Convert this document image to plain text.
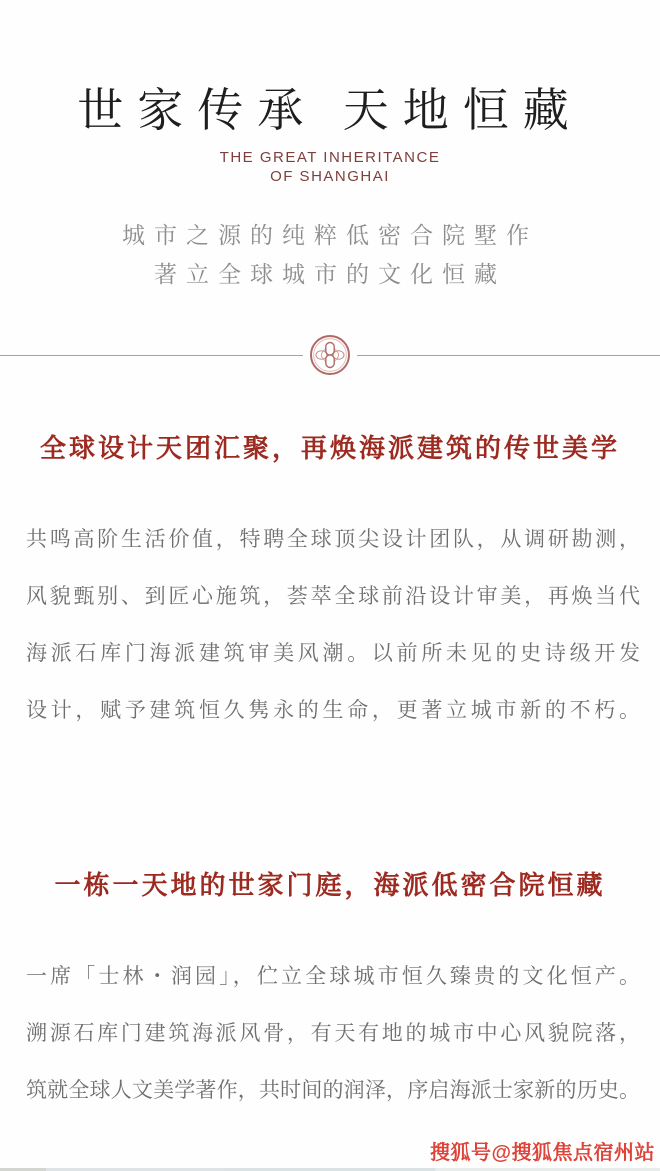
世家传承 天地恒藏
THE GREAT INHERITANCE
OF SHANGHAI
城市之源的纯粹低密合院墅作
著立全球城市的文化恒藏
全球设计天团汇聚，再焕海派建筑的传世美学
共鸣高阶生活价值，特聘全球顶尖设计团队，从调研勘测，
风貌甄别、到匠心施筑，荟萃全球前沿设计审美，再焕当代
海派石库门海派建筑审美风潮。以前所未见的史诗级开发
设计，赋予建筑恒久隽永的生命，更著立城市新的不朽。
一栋一天地的世家门庭，海派低密合院恒藏
一席「士林・润园」，伫立全球城市恒久臻贵的文化恒产。
溯源石库门建筑海派风骨，有天有地的城市中心风貌院落，
筑就全球人文美学著作，共时间的润泽，序启海派士家新的历史。
搜狐号@搜狐焦点宿州站
